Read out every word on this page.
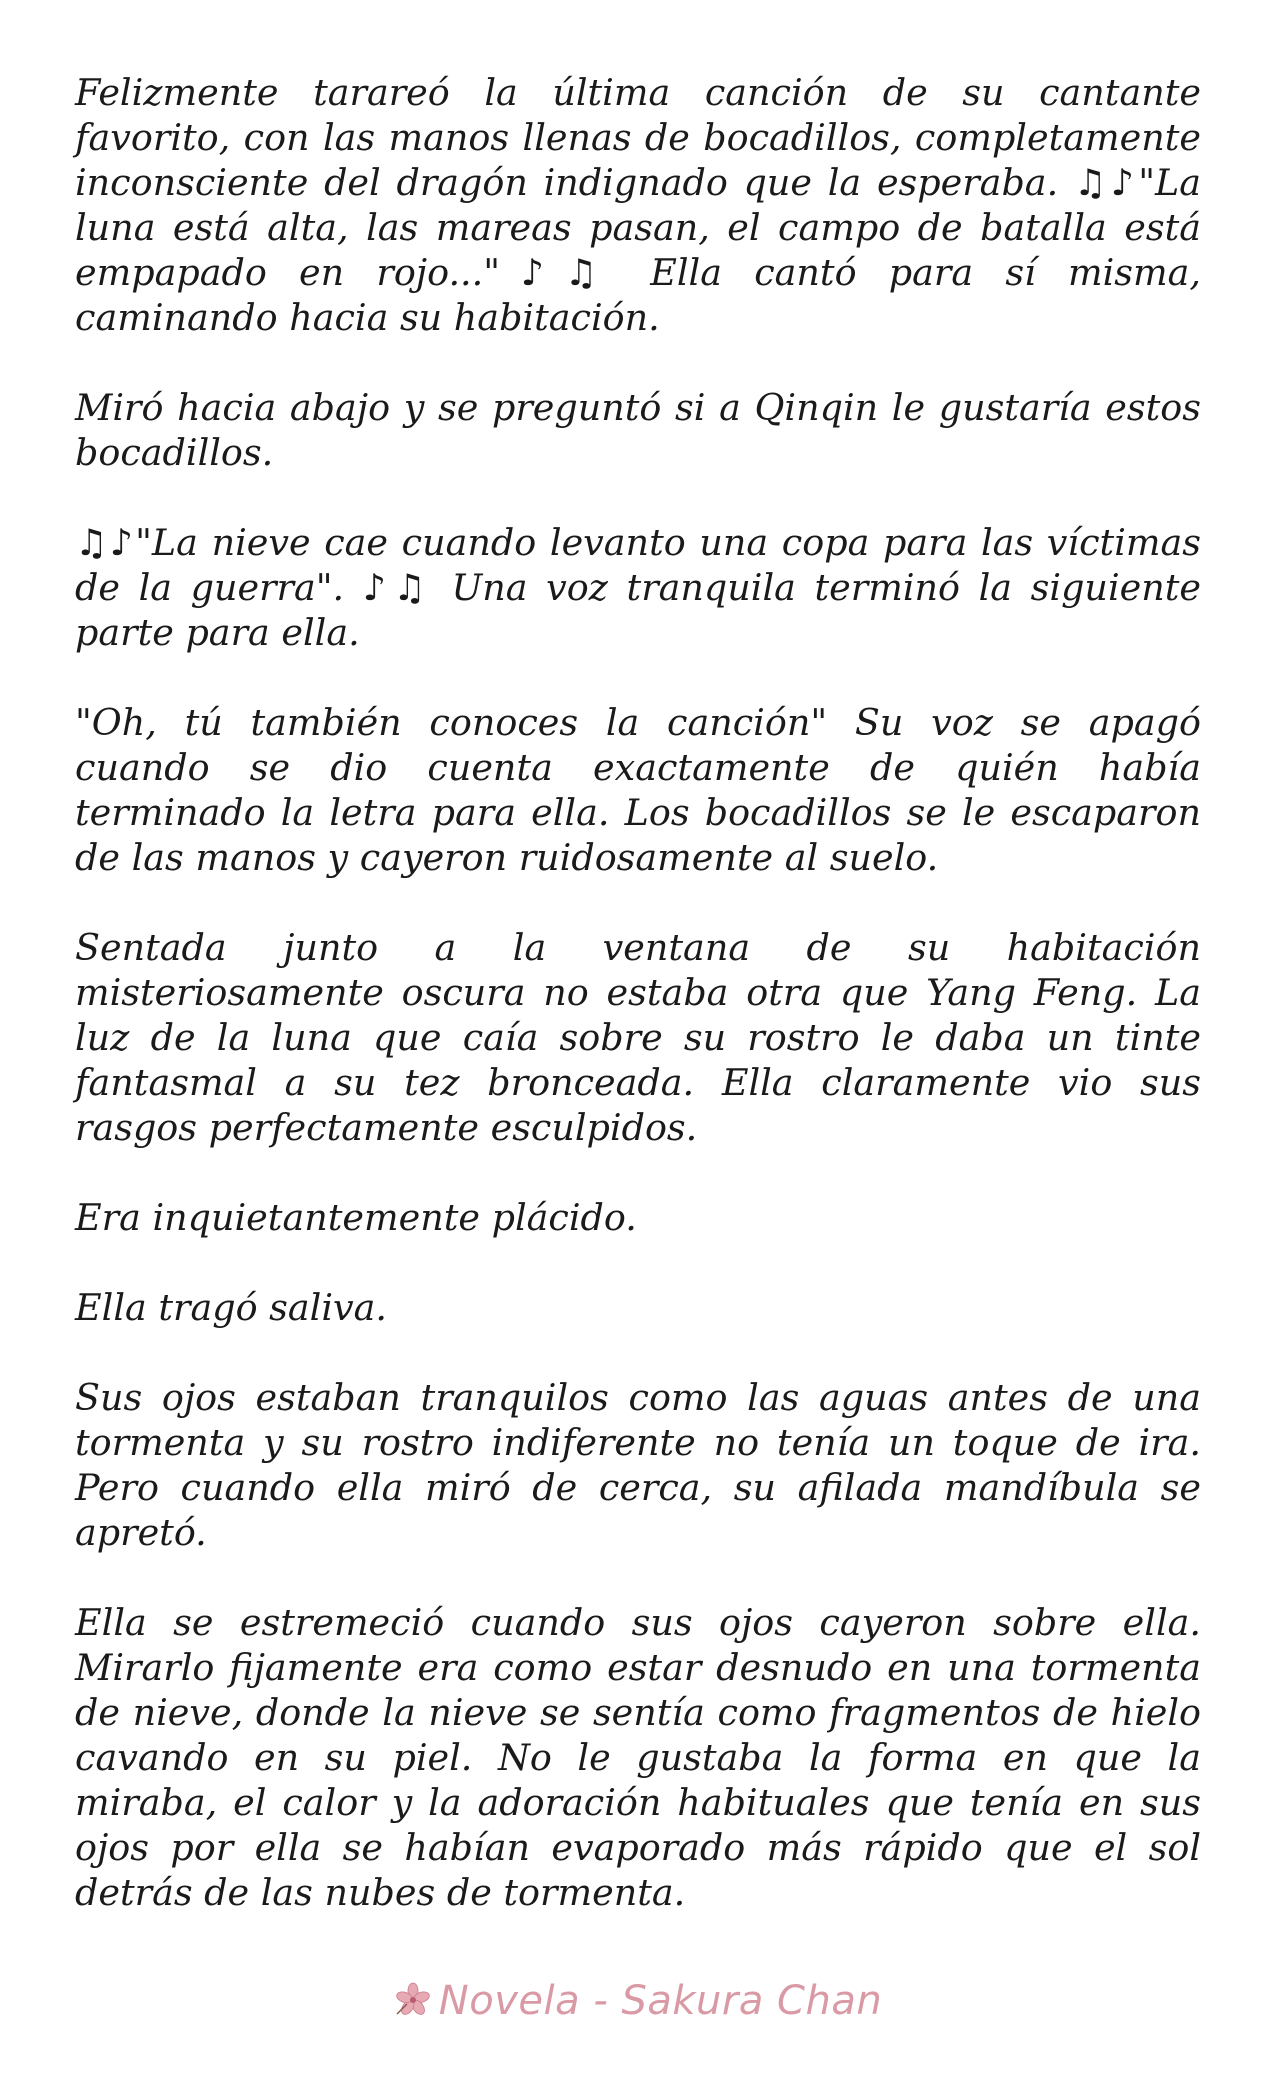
Felizmente tarareó la última canción de su cantante favorito, con las manos llenas de bocadillos, completamente inconsciente del dragón indignado que la esperaba. ♫♪"La luna está alta, las mareas pasan, el campo de batalla está empapado en rojo..."♪♫ Ella cantó para sí misma, caminando hacia su habitación.

Miró hacia abajo y se preguntó si a Qinqin le gustaría estos bocadillos.

♫♪"La nieve cae cuando levanto una copa para las víctimas de la guerra". ♪♫ Una voz tranquila terminó la siguiente parte para ella.

"Oh, tú también conoces la canción" Su voz se apagó cuando se dio cuenta exactamente de quién había terminado la letra para ella. Los bocadillos se le escaparon de las manos y cayeron ruidosamente al suelo.

Sentada junto a la ventana de su habitación misteriosamente oscura no estaba otra que Yang Feng. La luz de la luna que caía sobre su rostro le daba un tinte fantasmal a su tez bronceada. Ella claramente vio sus rasgos perfectamente esculpidos.

Era inquietantemente plácido.

Ella tragó saliva.

Sus ojos estaban tranquilos como las aguas antes de una tormenta y su rostro indiferente no tenía un toque de ira. Pero cuando ella miró de cerca, su afilada mandíbula se apretó.

Ella se estremeció cuando sus ojos cayeron sobre ella. Mirarlo fijamente era como estar desnudo en una tormenta de nieve, donde la nieve se sentía como fragmentos de hielo cavando en su piel. No le gustaba la forma en que la miraba, el calor y la adoración habituales que tenía en sus ojos por ella se habían evaporado más rápido que el sol detrás de las nubes de tormenta.

Novela - Sakura Chan
